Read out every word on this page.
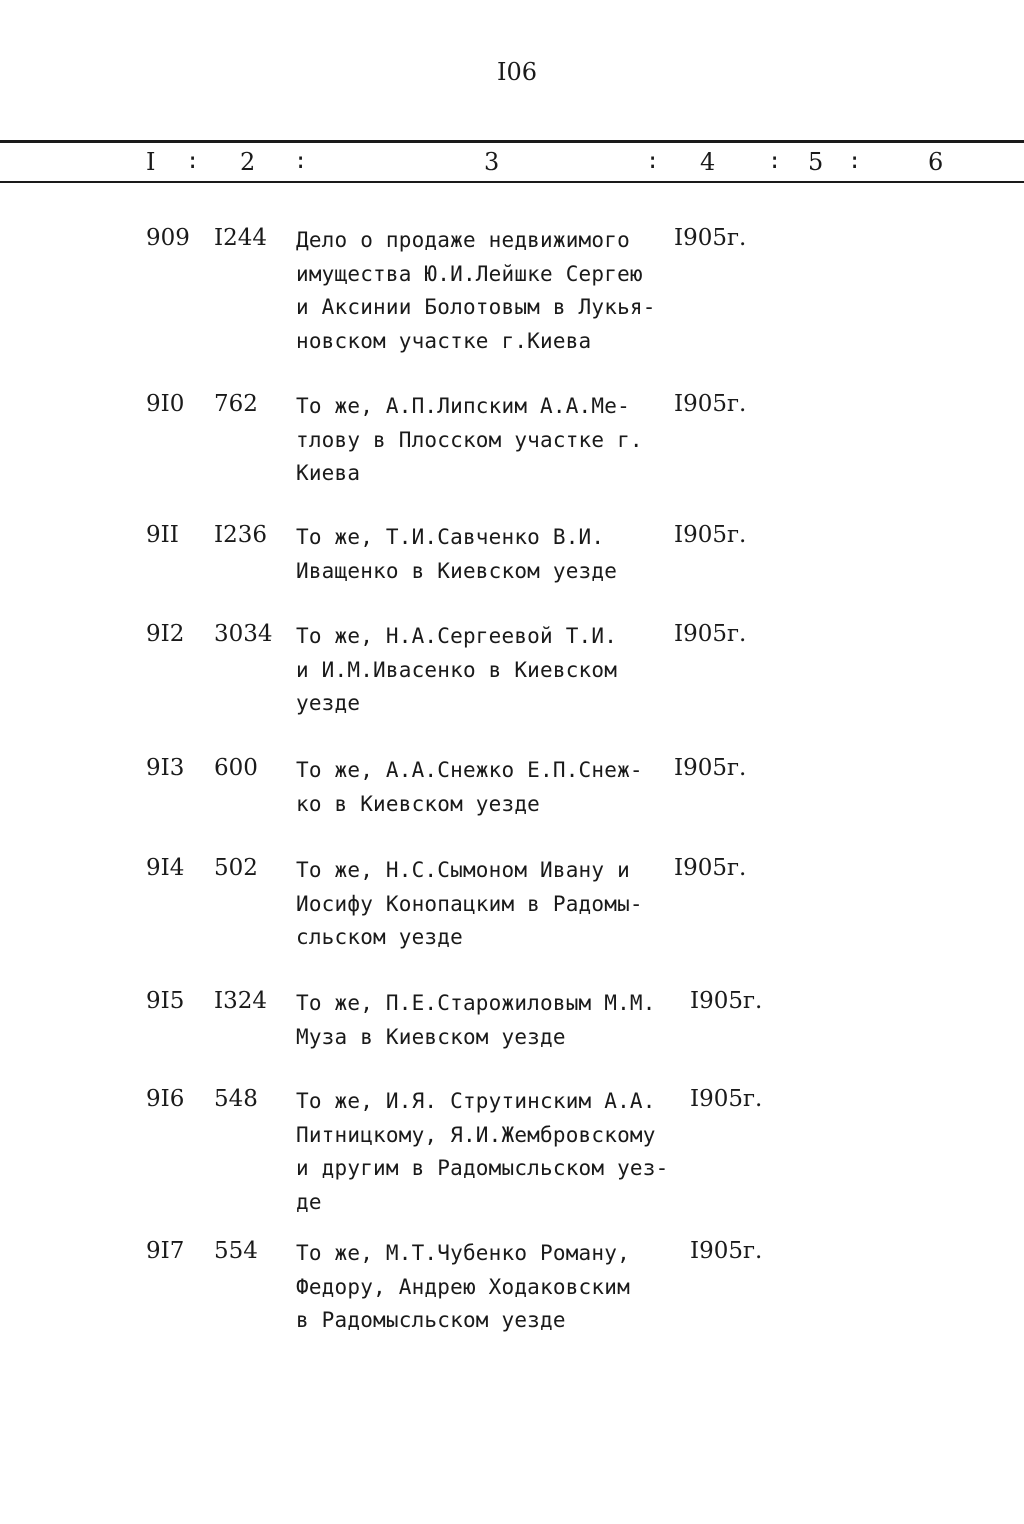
I06
I : 2 :	3	: 4 : 5 :	6
909 I244 Дело о продаже недвижимого
имущества Ю.И.Лейшке Сергею
и Аксинии Болотовым в Лукья-
новском участке г.Киева
I905г.
9I0 762 То же, А.П.Липским А.А.Ме-
тлову в Плосском участке г.
Киева
I905г.
9II I236 То же, Т.И.Савченко В.И.
Иващенко в Киевском уезде
I905г.
9I2 3034 То же, Н.А.Сергеевой Т.И.
и И.М.Ивасенко в Киевском
уезде
I905г.
9I3 600 То же, А.А.Снежко Е.П.Снеж-
ко в Киевском уезде
I905г.
9I4 502 То же, Н.С.Сымоном Ивану и
Иосифу Конопацким в Радомы-
сльском уезде
I905г.
9I5 I324 То же, П.Е.Старожиловым М.М.
Муза в Киевском уезде
I905г.
9I6 548 То же, И.Я. Струтинским А.А.
Питницкому, Я.И.Жембровскому
и другим в Радомысльском уез-
де
I905г.
9I7 554 То же, М.Т.Чубенко Роману,
Федору, Андрею Ходаковским
в Радомысльском уезде
I905г.
